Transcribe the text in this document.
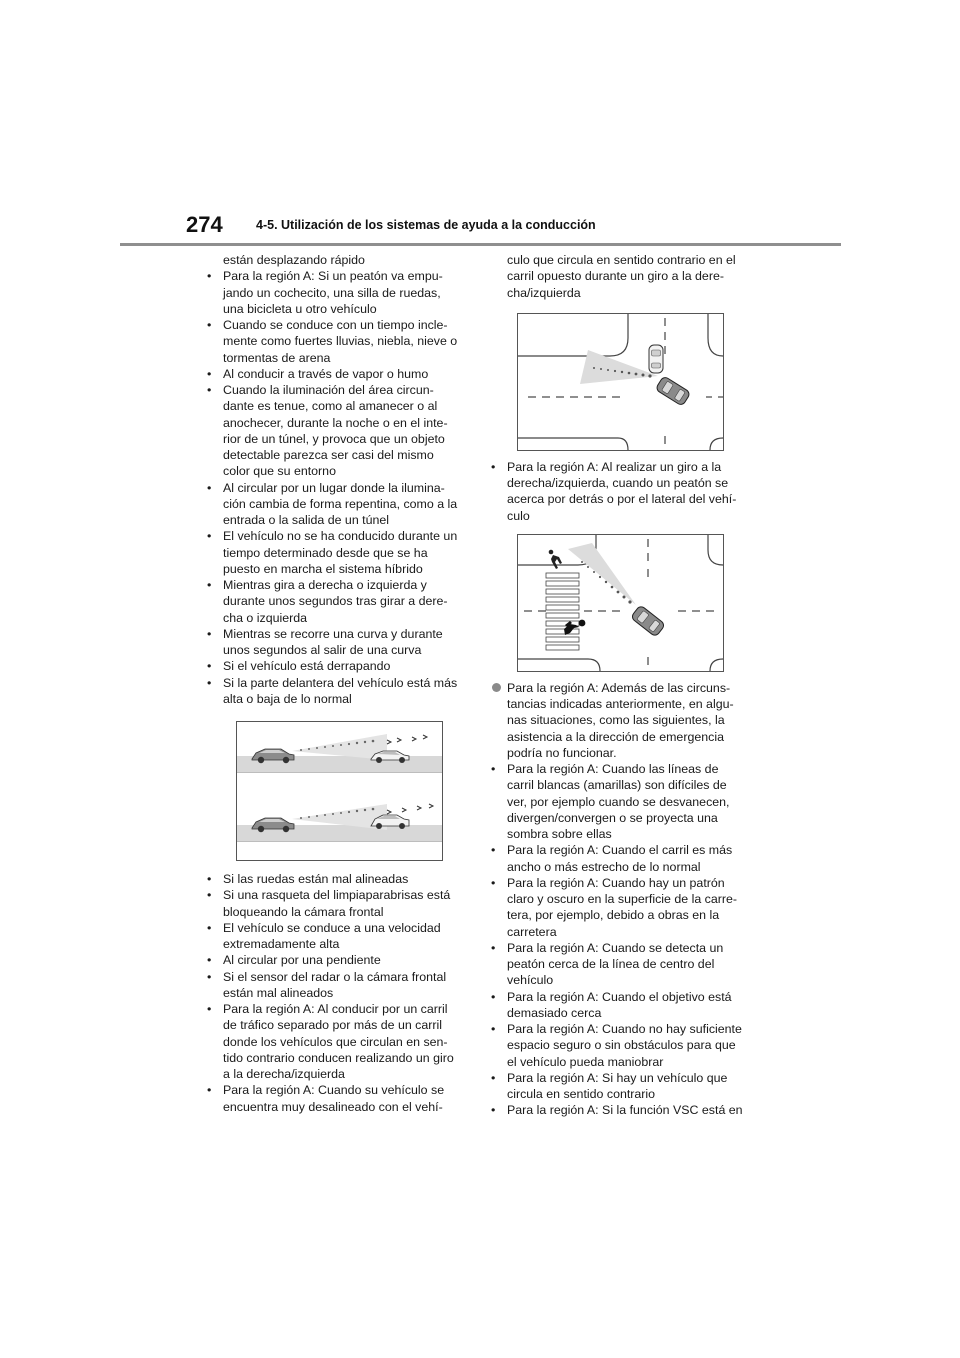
274	4-5. Utilización de los sistemas de ayuda a la conducción
están desplazando rápido
• Para la región A: Si un peatón va empu-
jando un cochecito, una silla de ruedas,
una bicicleta u otro vehículo
• Cuando se conduce con un tiempo incle-
mente como fuertes lluvias, niebla, nieve o
tormentas de arena
• Al conducir a través de vapor o humo
• Cuando la iluminación del área circun-
dante es tenue, como al amanecer o al
anochecer, durante la noche o en el inte-
rior de un túnel, y provoca que un objeto
detectable parezca ser casi del mismo
color que su entorno
• Al circular por un lugar donde la ilumina-
ción cambia de forma repentina, como a la
entrada o la salida de un túnel
• El vehículo no se ha conducido durante un
tiempo determinado desde que se ha
puesto en marcha el sistema híbrido
• Mientras gira a derecha o izquierda y
durante unos segundos tras girar a dere-
cha o izquierda
• Mientras se recorre una curva y durante
unos segundos al salir de una curva
• Si el vehículo está derrapando
• Si la parte delantera del vehículo está más
alta o baja de lo normal
• Si las ruedas están mal alineadas
• Si una rasqueta del limpiaparabrisas está
bloqueando la cámara frontal
• El vehículo se conduce a una velocidad
extremadamente alta
• Al circular por una pendiente
• Si el sensor del radar o la cámara frontal
están mal alineados
• Para la región A: Al conducir por un carril
de tráfico separado por más de un carril
donde los vehículos que circulan en sen-
tido contrario conducen realizando un giro
a la derecha/izquierda
• Para la región A: Cuando su vehículo se
encuentra muy desalineado con el vehí-
culo que circula en sentido contrario en el
carril opuesto durante un giro a la dere-
cha/izquierda
• Para la región A: Al realizar un giro a la
derecha/izquierda, cuando un peatón se
acerca por detrás o por el lateral del vehí-
culo
Para la región A: Además de las circuns-
tancias indicadas anteriormente, en algu-
nas situaciones, como las siguientes, la
asistencia a la dirección de emergencia
podría no funcionar.
• Para la región A: Cuando las líneas de
carril blancas (amarillas) son difíciles de
ver, por ejemplo cuando se desvanecen,
divergen/convergen o se proyecta una
sombra sobre ellas
• Para la región A: Cuando el carril es más
ancho o más estrecho de lo normal
• Para la región A: Cuando hay un patrón
claro y oscuro en la superficie de la carre-
tera, por ejemplo, debido a obras en la
carretera
• Para la región A: Cuando se detecta un
peatón cerca de la línea de centro del
vehículo
• Para la región A: Cuando el objetivo está
demasiado cerca
• Para la región A: Cuando no hay suficiente
espacio seguro o sin obstáculos para que
el vehículo pueda maniobrar
• Para la región A: Si hay un vehículo que
circula en sentido contrario
• Para la región A: Si la función VSC está en
